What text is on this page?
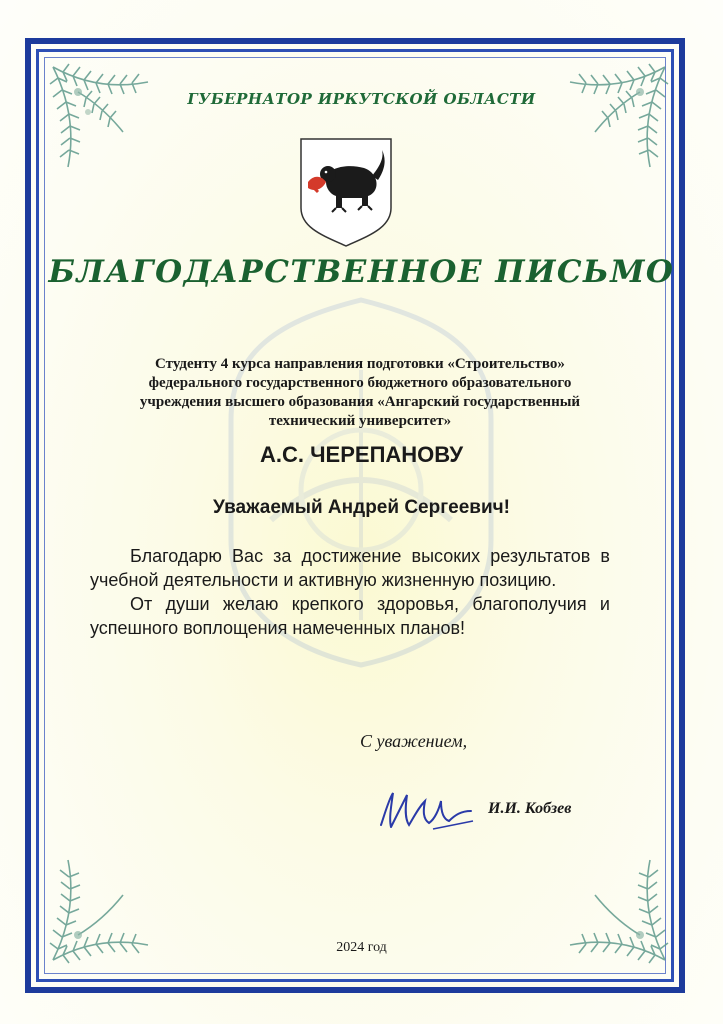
ГУБЕРНАТОР ИРКУТСКОЙ ОБЛАСТИ
БЛАГОДАРСТВЕННОЕ ПИСЬМО
Студенту 4 курса направления подготовки «Строительство»
федерального государственного бюджетного образовательного
учреждения высшего образования «Ангарский государственный
технический университет»
А.С. ЧЕРЕПАНОВУ
Уважаемый Андрей Сергеевич!

Благодарю Вас за достижение высоких результатов в учебной деятельности и активную жизненную позицию.

От души желаю крепкого здоровья, благополучия и успешного воплощения намеченных планов!

С уважением,
И.И. Кобзев
2024 год
